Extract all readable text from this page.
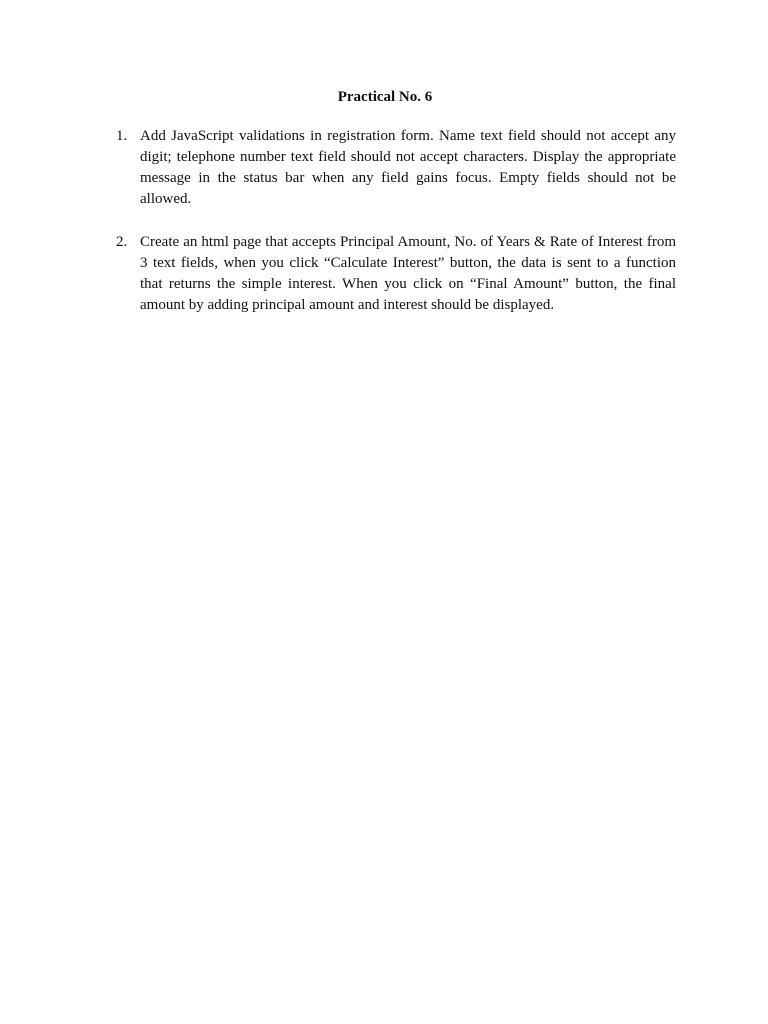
Practical No. 6
1. Add JavaScript validations in registration form. Name text field should not accept any digit; telephone number text field should not accept characters. Display the appropriate message in the status bar when any field gains focus. Empty fields should not be allowed.
2. Create an html page that accepts Principal Amount, No. of Years & Rate of Interest from 3 text fields, when you click “Calculate Interest” button, the data is sent to a function that returns the simple interest. When you click on “Final Amount” button, the final amount by adding principal amount and interest should be displayed.
